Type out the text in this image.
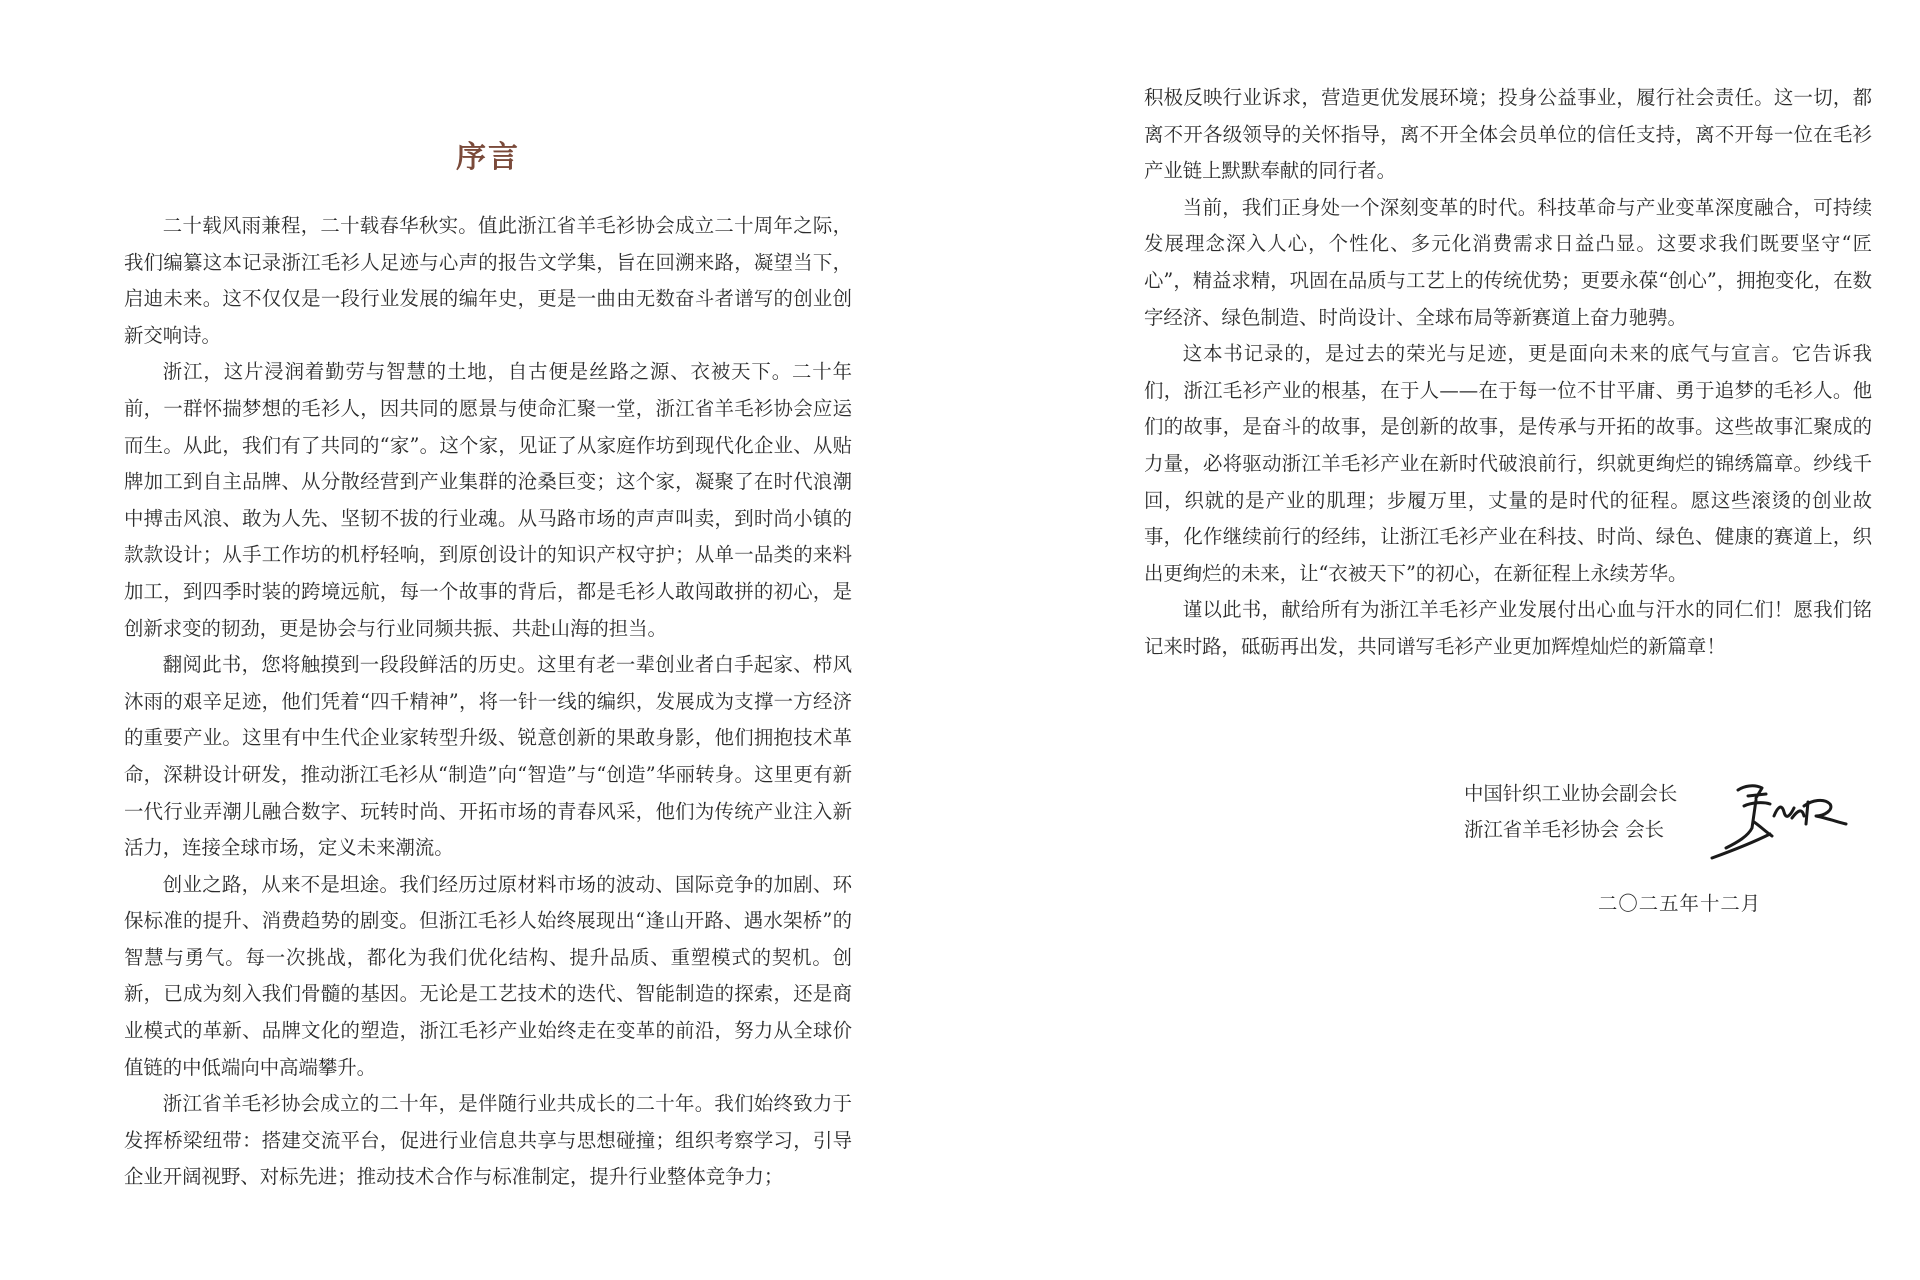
序言

二十载风雨兼程，二十载春华秋实。值此浙江省羊毛衫协会成立二十周年之际，我们编纂这本记录浙江毛衫人足迹与心声的报告文学集，旨在回溯来路，凝望当下，启迪未来。这不仅仅是一段行业发展的编年史，更是一曲由无数奋斗者谱写的创业创新交响诗。

浙江，这片浸润着勤劳与智慧的土地，自古便是丝路之源、衣被天下。二十年前，一群怀揣梦想的毛衫人，因共同的愿景与使命汇聚一堂，浙江省羊毛衫协会应运而生。从此，我们有了共同的“家”。这个家，见证了从家庭作坊到现代化企业、从贴牌加工到自主品牌、从分散经营到产业集群的沧桑巨变；这个家，凝聚了在时代浪潮中搏击风浪、敢为人先、坚韧不拔的行业魂。从马路市场的声声叫卖，到时尚小镇的款款设计；从手工作坊的机杼轻响，到原创设计的知识产权守护；从单一品类的来料加工，到四季时装的跨境远航，每一个故事的背后，都是毛衫人敢闯敢拼的初心，是创新求变的韧劲，更是协会与行业同频共振、共赴山海的担当。

翻阅此书，您将触摸到一段段鲜活的历史。这里有老一辈创业者白手起家、栉风沐雨的艰辛足迹，他们凭着“四千精神”，将一针一线的编织，发展成为支撑一方经济的重要产业。这里有中生代企业家转型升级、锐意创新的果敢身影，他们拥抱技术革命，深耕设计研发，推动浙江毛衫从“制造”向“智造”与“创造”华丽转身。这里更有新一代行业弄潮儿融合数字、玩转时尚、开拓市场的青春风采，他们为传统产业注入新活力，连接全球市场，定义未来潮流。

创业之路，从来不是坦途。我们经历过原材料市场的波动、国际竞争的加剧、环保标准的提升、消费趋势的剧变。但浙江毛衫人始终展现出“逢山开路、遇水架桥”的智慧与勇气。每一次挑战，都化为我们优化结构、提升品质、重塑模式的契机。创新，已成为刻入我们骨髓的基因。无论是工艺技术的迭代、智能制造的探索，还是商业模式的革新、品牌文化的塑造，浙江毛衫产业始终走在变革的前沿，努力从全球价值链的中低端向中高端攀升。

浙江省羊毛衫协会成立的二十年，是伴随行业共成长的二十年。我们始终致力于发挥桥梁纽带：搭建交流平台，促进行业信息共享与思想碰撞；组织考察学习，引导企业开阔视野、对标先进；推动技术合作与标准制定，提升行业整体竞争力；

积极反映行业诉求，营造更优发展环境；投身公益事业，履行社会责任。这一切，都离不开各级领导的关怀指导，离不开全体会员单位的信任支持，离不开每一位在毛衫产业链上默默奉献的同行者。

当前，我们正身处一个深刻变革的时代。科技革命与产业变革深度融合，可持续发展理念深入人心，个性化、多元化消费需求日益凸显。这要求我们既要坚守“匠心”，精益求精，巩固在品质与工艺上的传统优势；更要永葆“创心”，拥抱变化，在数字经济、绿色制造、时尚设计、全球布局等新赛道上奋力驰骋。

这本书记录的，是过去的荣光与足迹，更是面向未来的底气与宣言。它告诉我们，浙江毛衫产业的根基，在于人——在于每一位不甘平庸、勇于追梦的毛衫人。他们的故事，是奋斗的故事，是创新的故事，是传承与开拓的故事。这些故事汇聚成的力量，必将驱动浙江羊毛衫产业在新时代破浪前行，织就更绚烂的锦绣篇章。纱线千回，织就的是产业的肌理；步履万里，丈量的是时代的征程。愿这些滚烫的创业故事，化作继续前行的经纬，让浙江毛衫产业在科技、时尚、绿色、健康的赛道上，织出更绚烂的未来，让“衣被天下”的初心，在新征程上永续芳华。

谨以此书，献给所有为浙江羊毛衫产业发展付出心血与汗水的同仁们！愿我们铭记来时路，砥砺再出发，共同谱写毛衫产业更加辉煌灿烂的新篇章！

中国针织工业协会副会长
浙江省羊毛衫协会 会长
二〇二五年十二月
